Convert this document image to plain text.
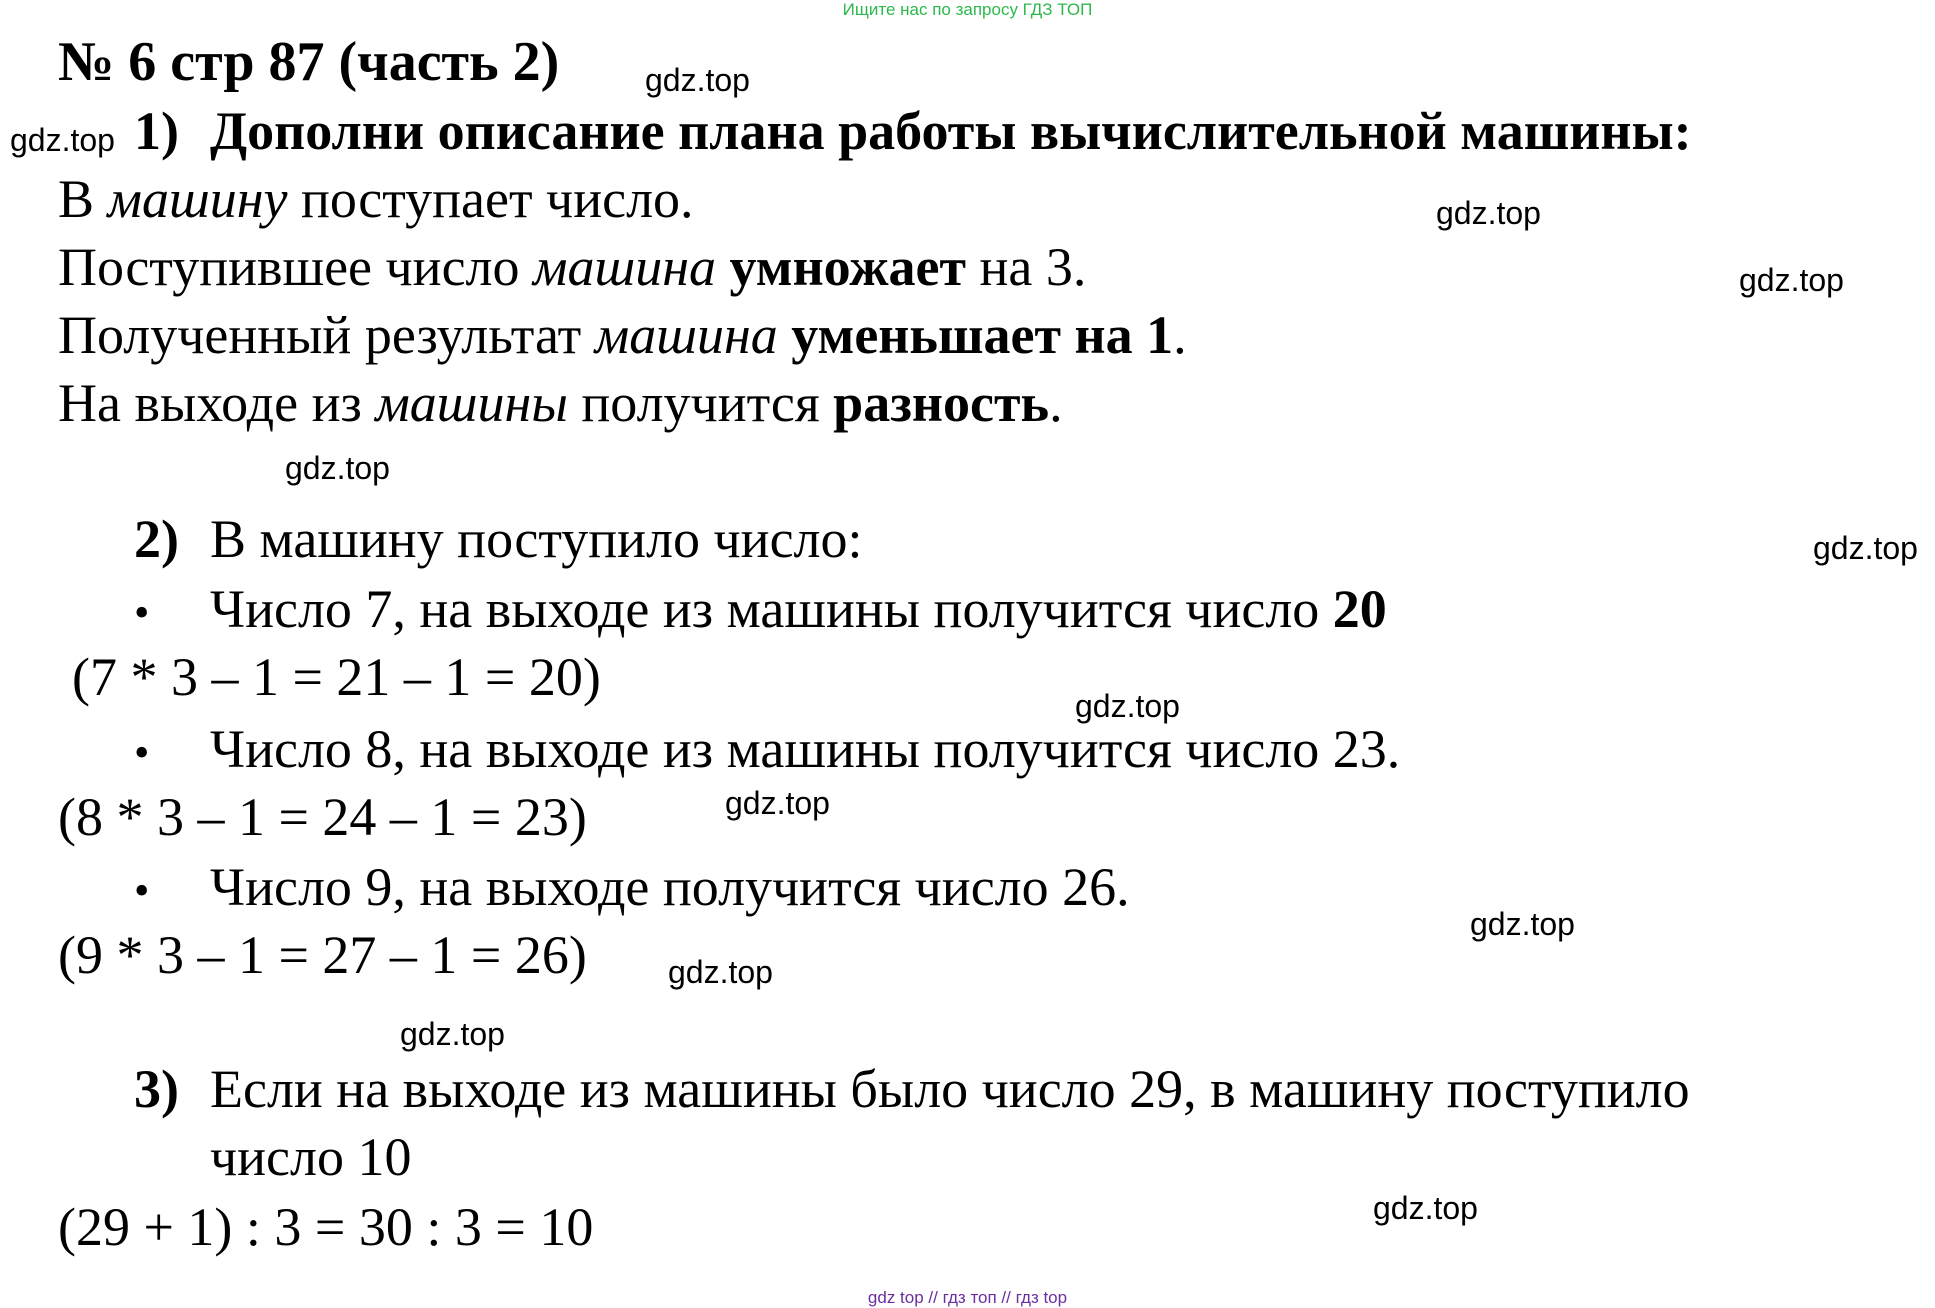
Ищите нас по запросу ГДЗ ТОП
№ 6 стр 87 (часть 2)	gdz.top
gdz.top
gdz.top
gdz.top
gdz.top
gdz.top
gdz.top
gdz.top
gdz.top
gdz.top
gdz.top
gdz.top
1) Дополни описание плана работы вычислительной машины:
В машину поступает число.
Поступившее число машина умножает на 3.
Полученный результат машина уменьшает на 1.
На выходе из машины получится разность.
2) В машину поступило число:
• Число 7, на выходе из машины получится число 20
(7 * 3 – 1 = 21 – 1 = 20)
• Число 8, на выходе из машины получится число 23.
(8 * 3 – 1 = 24 – 1 = 23)
• Число 9, на выходе получится число 26.
(9 * 3 – 1 = 27 – 1 = 26)
3) Если на выходе из машины было число 29, в машину поступило
число 10
(29 + 1) : 3 = 30 : 3 = 10
gdz top // гдз топ // гдз top
